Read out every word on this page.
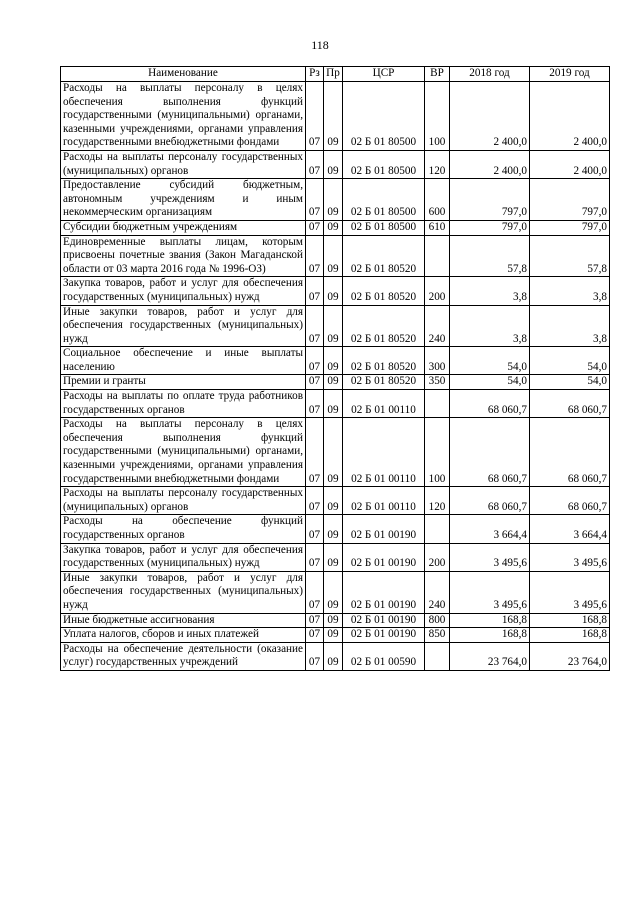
118
Наименование	Рз	Пр	ЦСР	ВР	2018 год	2019 год
Расходы на выплаты персоналу в целях обеспечения выполнения функций государственными (муниципальными) органами, казенными учреждениями, органами управления государственными внебюджетными фондами	07	09	02 Б 01 80500	100	2 400,0	2 400,0
Расходы на выплаты персоналу государственных (муниципальных) органов	07	09	02 Б 01 80500	120	2 400,0	2 400,0
Предоставление субсидий бюджетным, автономным учреждениям и иным некоммерческим организациям	07	09	02 Б 01 80500	600	797,0	797,0
Субсидии бюджетным учреждениям	07	09	02 Б 01 80500	610	797,0	797,0
Единовременные выплаты лицам, которым присвоены почетные звания (Закон Магаданской области от 03 марта 2016 года № 1996-ОЗ)	07	09	02 Б 01 80520		57,8	57,8
Закупка товаров, работ и услуг для обеспечения государственных (муниципальных) нужд	07	09	02 Б 01 80520	200	3,8	3,8
Иные закупки товаров, работ и услуг для обеспечения государственных (муниципальных) нужд	07	09	02 Б 01 80520	240	3,8	3,8
Социальное обеспечение и иные выплаты населению	07	09	02 Б 01 80520	300	54,0	54,0
Премии и гранты	07	09	02 Б 01 80520	350	54,0	54,0
Расходы на выплаты по оплате труда работников государственных органов	07	09	02 Б 01 00110		68 060,7	68 060,7
Расходы на выплаты персоналу в целях обеспечения выполнения функций государственными (муниципальными) органами, казенными учреждениями, органами управления государственными внебюджетными фондами	07	09	02 Б 01 00110	100	68 060,7	68 060,7
Расходы на выплаты персоналу государственных (муниципальных) органов	07	09	02 Б 01 00110	120	68 060,7	68 060,7
Расходы на обеспечение функций государственных органов	07	09	02 Б 01 00190		3 664,4	3 664,4
Закупка товаров, работ и услуг для обеспечения государственных (муниципальных) нужд	07	09	02 Б 01 00190	200	3 495,6	3 495,6
Иные закупки товаров, работ и услуг для обеспечения государственных (муниципальных) нужд	07	09	02 Б 01 00190	240	3 495,6	3 495,6
Иные бюджетные ассигнования	07	09	02 Б 01 00190	800	168,8	168,8
Уплата налогов, сборов и иных платежей	07	09	02 Б 01 00190	850	168,8	168,8
Расходы на обеспечение деятельности (оказание услуг) государственных учреждений	07	09	02 Б 01 00590		23 764,0	23 764,0
